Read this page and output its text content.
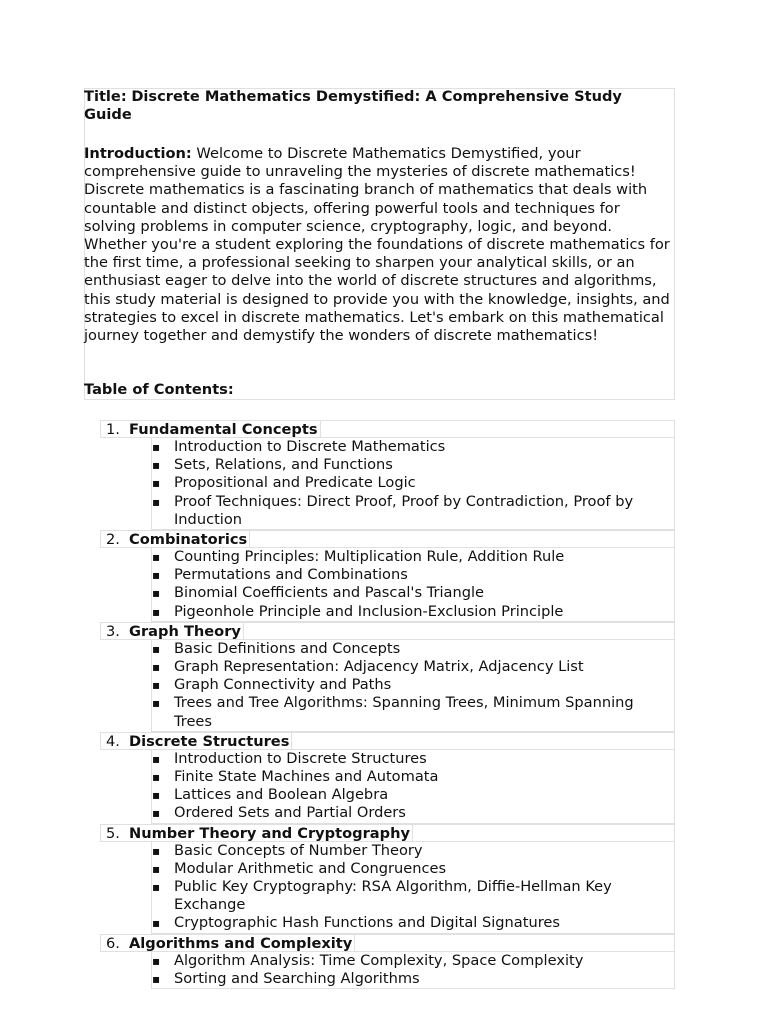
Title: Discrete Mathematics Demystified: A Comprehensive Study
Guide
Introduction: Welcome to Discrete Mathematics Demystified, your comprehensive guide to unraveling the mysteries of discrete mathematics! Discrete mathematics is a fascinating branch of mathematics that deals with countable and distinct objects, offering powerful tools and techniques for solving problems in computer science, cryptography, logic, and beyond. Whether you're a student exploring the foundations of discrete mathematics for the first time, a professional seeking to sharpen your analytical skills, or an enthusiast eager to delve into the world of discrete structures and algorithms, this study material is designed to provide you with the knowledge, insights, and strategies to excel in discrete mathematics. Let's embark on this mathematical journey together and demystify the wonders of discrete mathematics!
Table of Contents:
1. Fundamental Concepts
▪ Introduction to Discrete Mathematics
▪ Sets, Relations, and Functions
▪ Propositional and Predicate Logic
▪ Proof Techniques: Direct Proof, Proof by Contradiction, Proof by Induction
2. Combinatorics
▪ Counting Principles: Multiplication Rule, Addition Rule
▪ Permutations and Combinations
▪ Binomial Coefficients and Pascal's Triangle
▪ Pigeonhole Principle and Inclusion-Exclusion Principle
3. Graph Theory
▪ Basic Definitions and Concepts
▪ Graph Representation: Adjacency Matrix, Adjacency List
▪ Graph Connectivity and Paths
▪ Trees and Tree Algorithms: Spanning Trees, Minimum Spanning Trees
4. Discrete Structures
▪ Introduction to Discrete Structures
▪ Finite State Machines and Automata
▪ Lattices and Boolean Algebra
▪ Ordered Sets and Partial Orders
5. Number Theory and Cryptography
▪ Basic Concepts of Number Theory
▪ Modular Arithmetic and Congruences
▪ Public Key Cryptography: RSA Algorithm, Diffie-Hellman Key Exchange
▪ Cryptographic Hash Functions and Digital Signatures
6. Algorithms and Complexity
▪ Algorithm Analysis: Time Complexity, Space Complexity
▪ Sorting and Searching Algorithms
